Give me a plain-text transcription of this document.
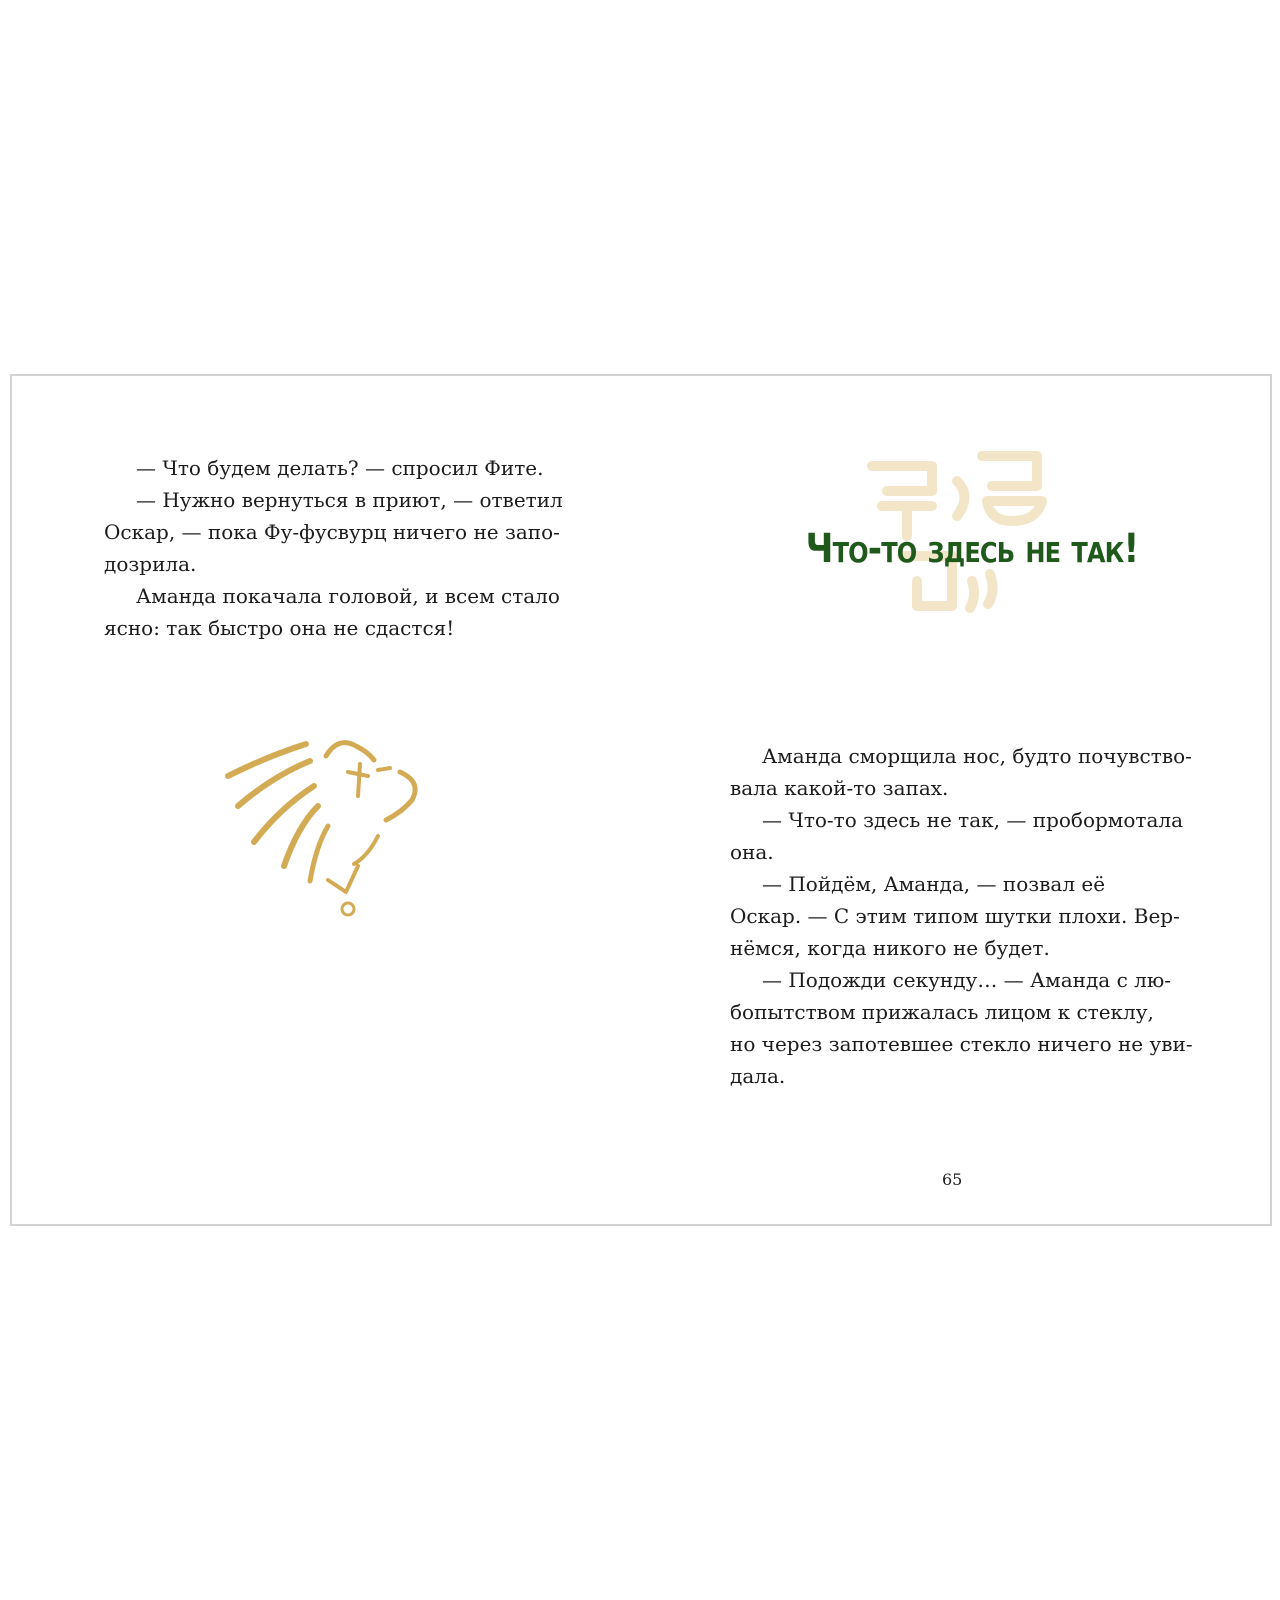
— Что будем делать? — спросил Фите.
— Нужно вернуться в приют, — ответил
Оскар, — пока Фу-фусвурц ничего не запо-
дозрила.
Аманда покачала головой, и всем стало
ясно: так быстро она не сдастся!
Что-то здесь не так!
Аманда сморщила нос, будто почувство-
вала какой-то запах.
— Что-то здесь не так, — пробормотала
она.
— Пойдём, Аманда, — позвал её
Оскар. — С этим типом шутки плохи. Вер-
нёмся, когда никого не будет.
— Подожди секунду… — Аманда с лю-
бопытством прижалась лицом к стеклу,
но через запотевшее стекло ничего не уви-
дала.
65
